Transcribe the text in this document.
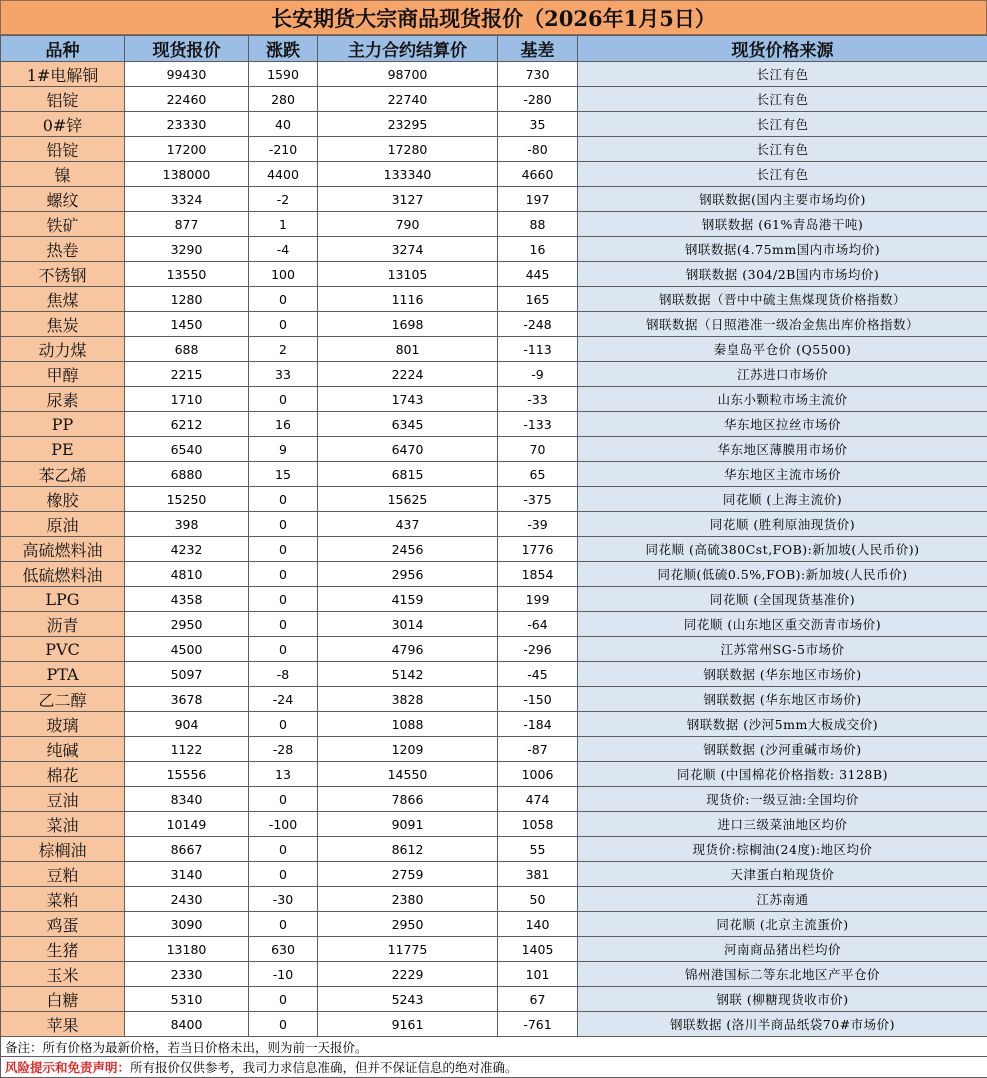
长安期货大宗商品现货报价（2026年1月5日）
品种	现货报价	涨跌	主力合约结算价	基差	现货价格来源
1#电解铜	99430	1590	98700	730	长江有色
铝锭	22460	280	22740	-280	长江有色
0#锌	23330	40	23295	35	长江有色
铅锭	17200	-210	17280	-80	长江有色
镍	138000	4400	133340	4660	长江有色
螺纹	3324	-2	3127	197	钢联数据(国内主要市场均价)
铁矿	877	1	790	88	钢联数据 (61%青岛港干吨)
热卷	3290	-4	3274	16	钢联数据(4.75mm国内市场均价)
不锈钢	13550	100	13105	445	钢联数据 (304/2B国内市场均价)
焦煤	1280	0	1116	165	钢联数据（晋中中硫主焦煤现货价格指数）
焦炭	1450	0	1698	-248	钢联数据（日照港准一级冶金焦出库价格指数）
动力煤	688	2	801	-113	秦皇岛平仓价 (Q5500)
甲醇	2215	33	2224	-9	江苏进口市场价
尿素	1710	0	1743	-33	山东小颗粒市场主流价
PP	6212	16	6345	-133	华东地区拉丝市场价
PE	6540	9	6470	70	华东地区薄膜用市场价
苯乙烯	6880	15	6815	65	华东地区主流市场价
橡胶	15250	0	15625	-375	同花顺 (上海主流价)
原油	398	0	437	-39	同花顺 (胜利原油现货价)
高硫燃料油	4232	0	2456	1776	同花顺 (高硫380Cst,FOB):新加坡(人民币价))
低硫燃料油	4810	0	2956	1854	同花顺(低硫0.5%,FOB):新加坡(人民币价)
LPG	4358	0	4159	199	同花顺 (全国现货基准价)
沥青	2950	0	3014	-64	同花顺 (山东地区重交沥青市场价)
PVC	4500	0	4796	-296	江苏常州SG-5市场价
PTA	5097	-8	5142	-45	钢联数据 (华东地区市场价)
乙二醇	3678	-24	3828	-150	钢联数据 (华东地区市场价)
玻璃	904	0	1088	-184	钢联数据 (沙河5mm大板成交价)
纯碱	1122	-28	1209	-87	钢联数据 (沙河重碱市场价)
棉花	15556	13	14550	1006	同花顺 (中国棉花价格指数: 3128B)
豆油	8340	0	7866	474	现货价:一级豆油:全国均价
菜油	10149	-100	9091	1058	进口三级菜油地区均价
棕榈油	8667	0	8612	55	现货价:棕榈油(24度):地区均价
豆粕	3140	0	2759	381	天津蛋白粕现货价
菜粕	2430	-30	2380	50	江苏南通
鸡蛋	3090	0	2950	140	同花顺 (北京主流蛋价)
生猪	13180	630	11775	1405	河南商品猪出栏均价
玉米	2330	-10	2229	101	锦州港国标二等东北地区产平仓价
白糖	5310	0	5243	67	钢联 (柳糖现货收市价)
苹果	8400	0	9161	-761	钢联数据 (洛川半商品纸袋70#市场价)
备注：所有价格为最新价格，若当日价格未出，则为前一天报价。					
风险提示和免责声明：所有报价仅供参考，我司力求信息准确，但并不保证信息的绝对准确。					
